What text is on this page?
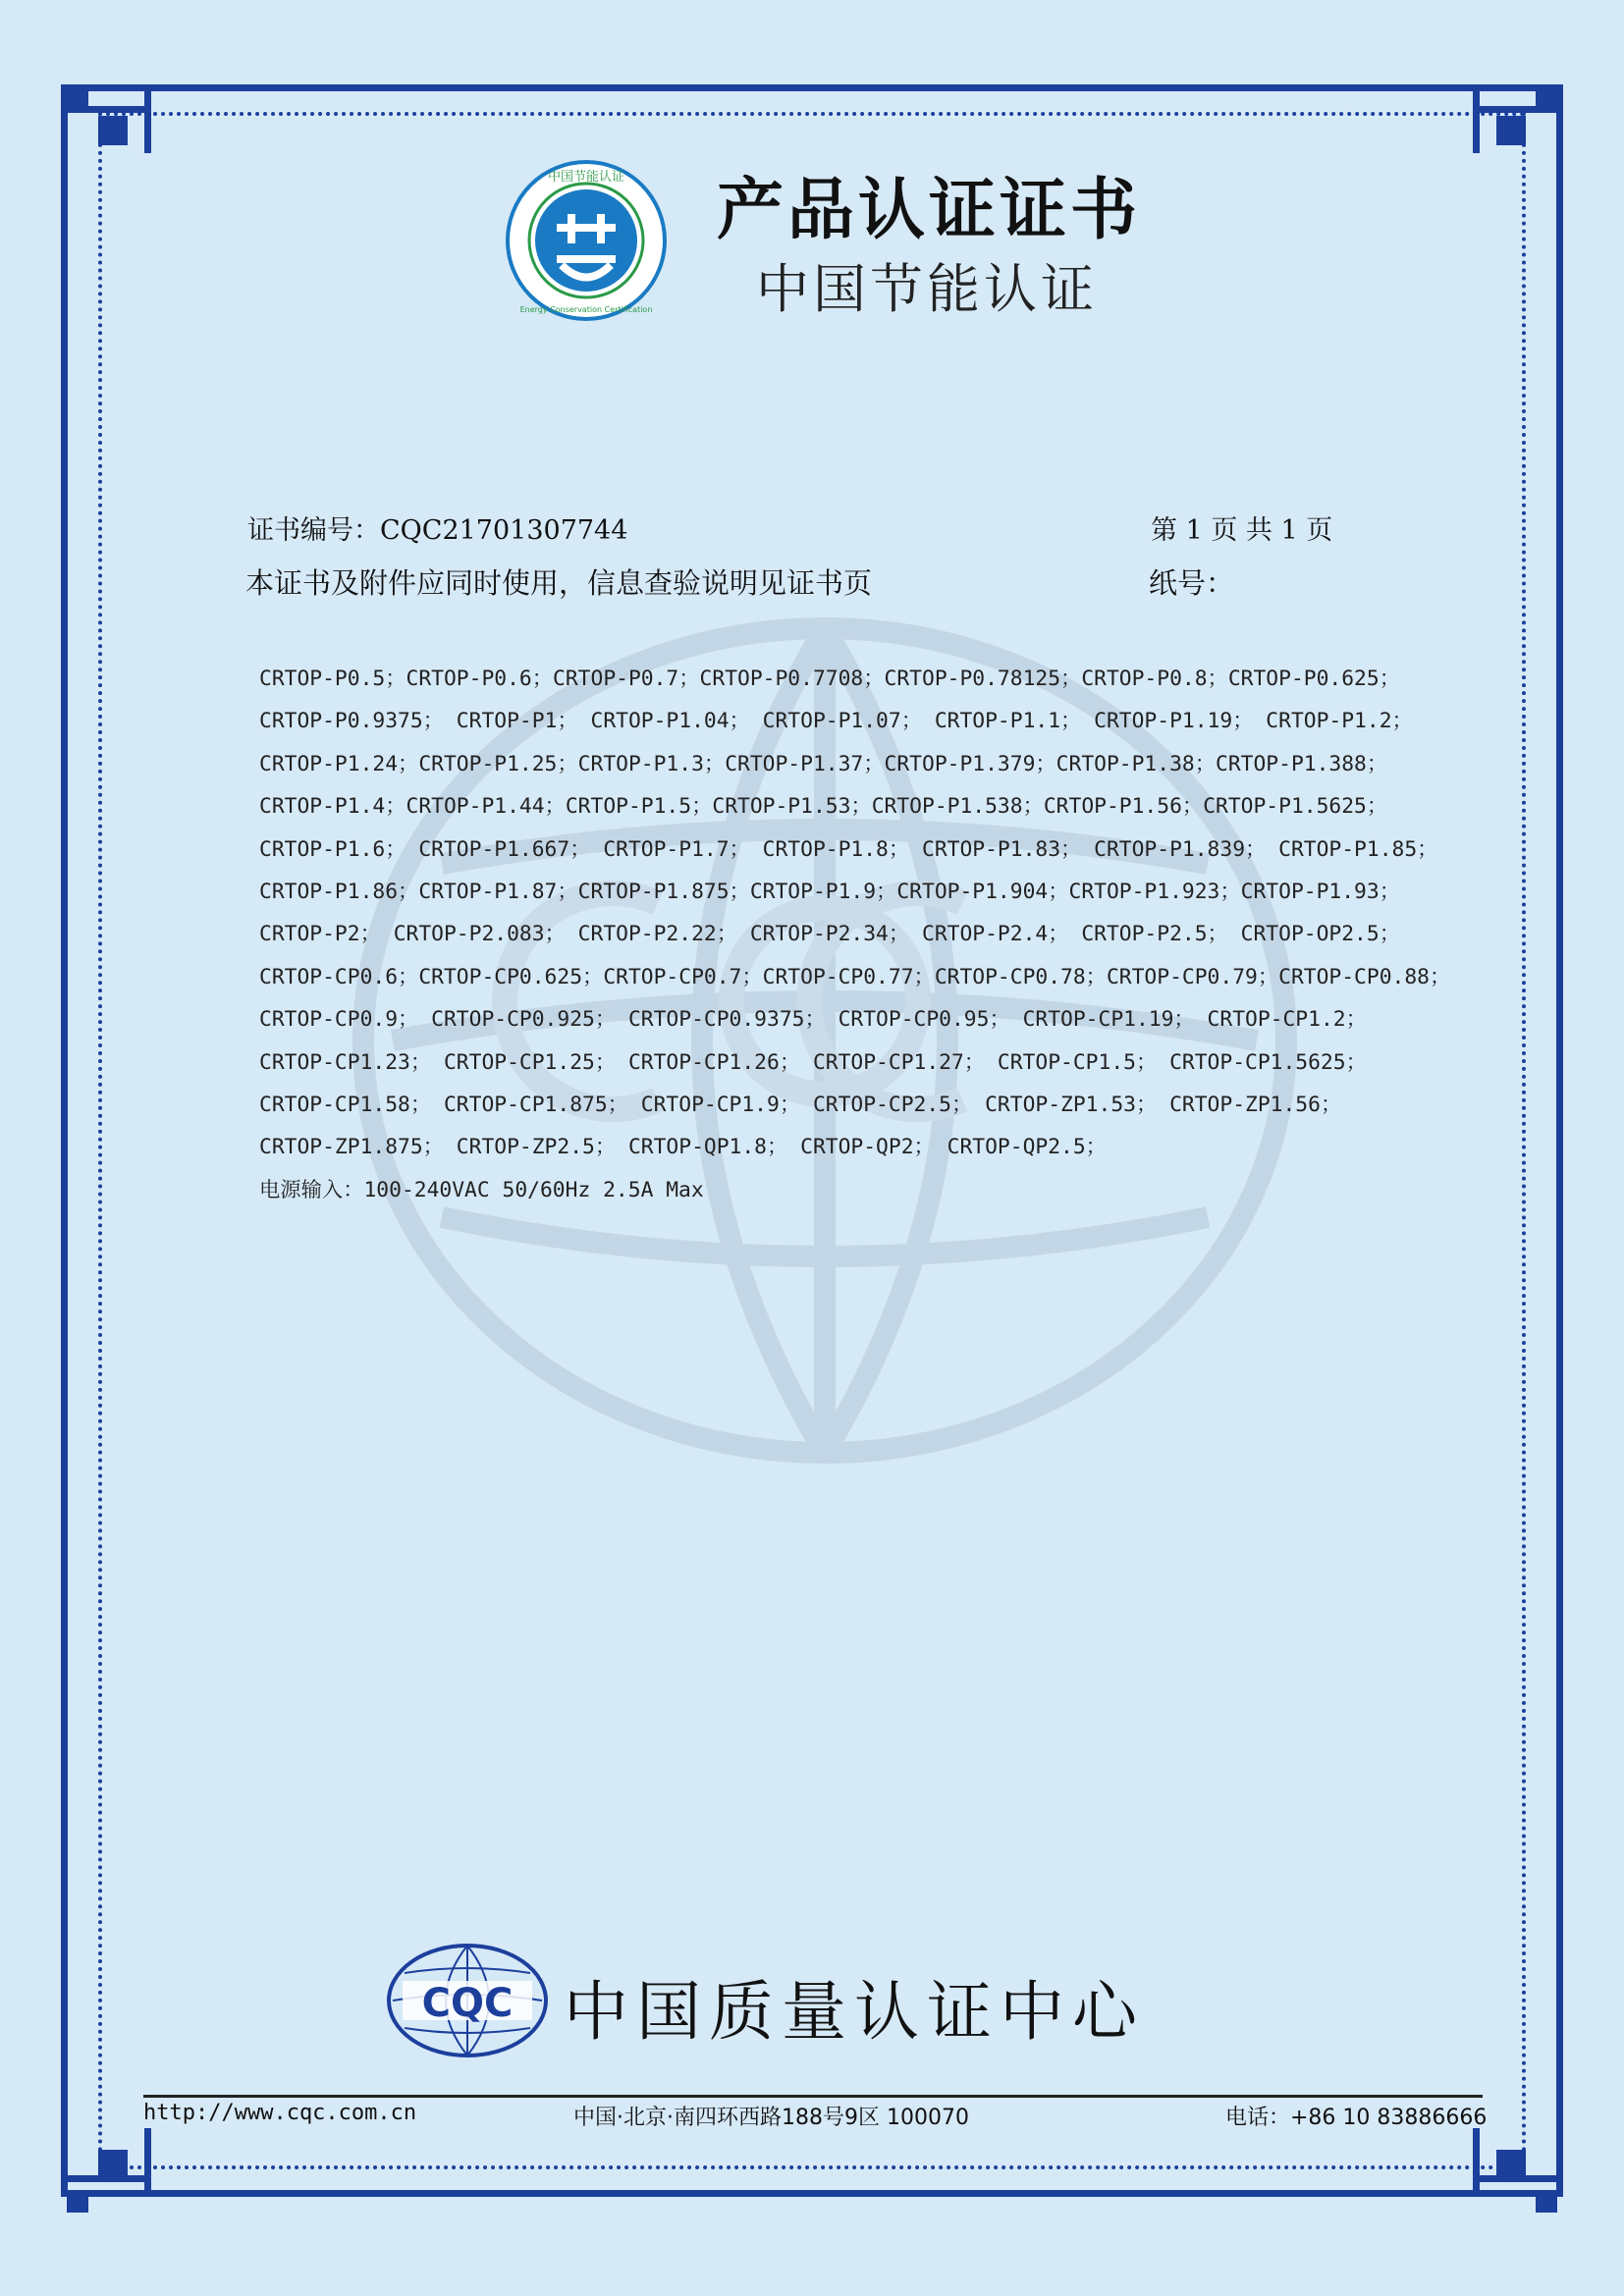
中国节能认证
Energy Conservation Certification
产品认证证书
中国节能认证
证书编号：CQC21701307744	第 1 页 共 1 页
本证书及附件应同时使用，信息查验说明见证书页	纸号：
CRTOP-P0.5；CRTOP-P0.6；CRTOP-P0.7；CRTOP-P0.7708；CRTOP-P0.78125；CRTOP-P0.8；CRTOP-P0.625；
CRTOP-P0.9375； CRTOP-P1； CRTOP-P1.04； CRTOP-P1.07； CRTOP-P1.1； CRTOP-P1.19； CRTOP-P1.2；
CRTOP-P1.24；CRTOP-P1.25；CRTOP-P1.3；CRTOP-P1.37；CRTOP-P1.379；CRTOP-P1.38；CRTOP-P1.388；
CRTOP-P1.4；CRTOP-P1.44；CRTOP-P1.5；CRTOP-P1.53；CRTOP-P1.538；CRTOP-P1.56；CRTOP-P1.5625；
CRTOP-P1.6； CRTOP-P1.667； CRTOP-P1.7； CRTOP-P1.8； CRTOP-P1.83； CRTOP-P1.839； CRTOP-P1.85；
CRTOP-P1.86；CRTOP-P1.87；CRTOP-P1.875；CRTOP-P1.9；CRTOP-P1.904；CRTOP-P1.923；CRTOP-P1.93；
CRTOP-P2； CRTOP-P2.083； CRTOP-P2.22； CRTOP-P2.34； CRTOP-P2.4； CRTOP-P2.5； CRTOP-OP2.5；
CRTOP-CP0.6；CRTOP-CP0.625；CRTOP-CP0.7；CRTOP-CP0.77；CRTOP-CP0.78；CRTOP-CP0.79；CRTOP-CP0.88；
CRTOP-CP0.9； CRTOP-CP0.925； CRTOP-CP0.9375； CRTOP-CP0.95； CRTOP-CP1.19； CRTOP-CP1.2；
CRTOP-CP1.23； CRTOP-CP1.25； CRTOP-CP1.26； CRTOP-CP1.27； CRTOP-CP1.5； CRTOP-CP1.5625；
CRTOP-CP1.58； CRTOP-CP1.875； CRTOP-CP1.9； CRTOP-CP2.5； CRTOP-ZP1.53； CRTOP-ZP1.56；
CRTOP-ZP1.875； CRTOP-ZP2.5； CRTOP-QP1.8； CRTOP-QP2； CRTOP-QP2.5；
电源输入：100-240VAC 50/60Hz 2.5A Max
CQC 中国质量认证中心
http://www.cqc.com.cn	中国·北京·南四环西路188号9区 100070	电话：+86 10 83886666
